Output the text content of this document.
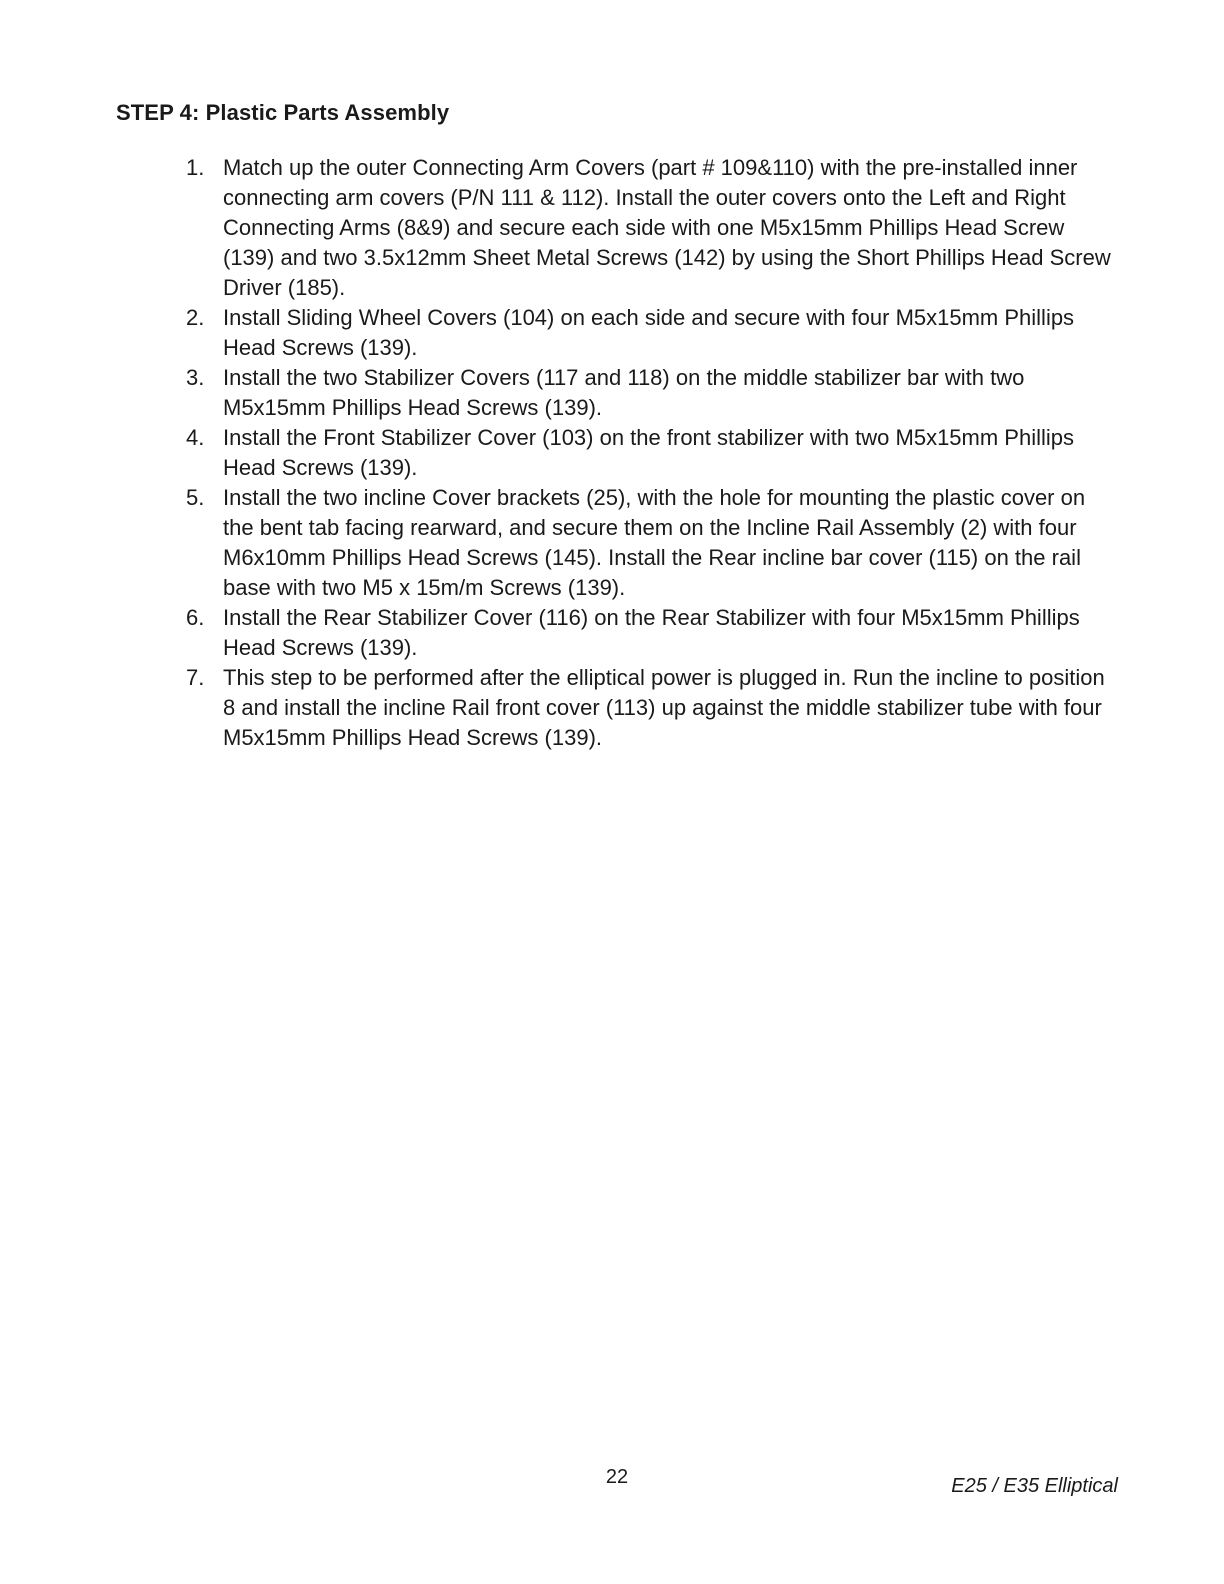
STEP 4: Plastic Parts Assembly
1. Match up the outer Connecting Arm Covers (part # 109&110) with the pre-installed inner connecting arm covers (P/N 111 & 112). Install the outer covers onto the Left and Right Connecting Arms (8&9) and secure each side with one M5x15mm Phillips Head Screw (139) and two 3.5x12mm Sheet Metal Screws (142) by using the Short Phillips Head Screw Driver (185).
2. Install Sliding Wheel Covers (104) on each side and secure with four M5x15mm Phillips Head Screws (139).
3. Install the two Stabilizer Covers (117 and 118) on the middle stabilizer bar with two M5x15mm Phillips Head Screws (139).
4. Install the Front Stabilizer Cover (103) on the front stabilizer with two M5x15mm Phillips Head Screws (139).
5. Install the two incline Cover brackets (25), with the hole for mounting the plastic cover on the bent tab facing rearward, and secure them on the Incline Rail Assembly (2) with four M6x10mm Phillips Head Screws (145). Install the Rear incline bar cover (115) on the rail base with two M5 x 15m/m Screws (139).
6. Install the Rear Stabilizer Cover (116) on the Rear Stabilizer with four M5x15mm Phillips Head Screws (139).
7. This step to be performed after the elliptical power is plugged in. Run the incline to position 8 and install the incline Rail front cover (113) up against the middle stabilizer tube with four M5x15mm Phillips Head Screws (139).
22	E25 / E35 Elliptical
